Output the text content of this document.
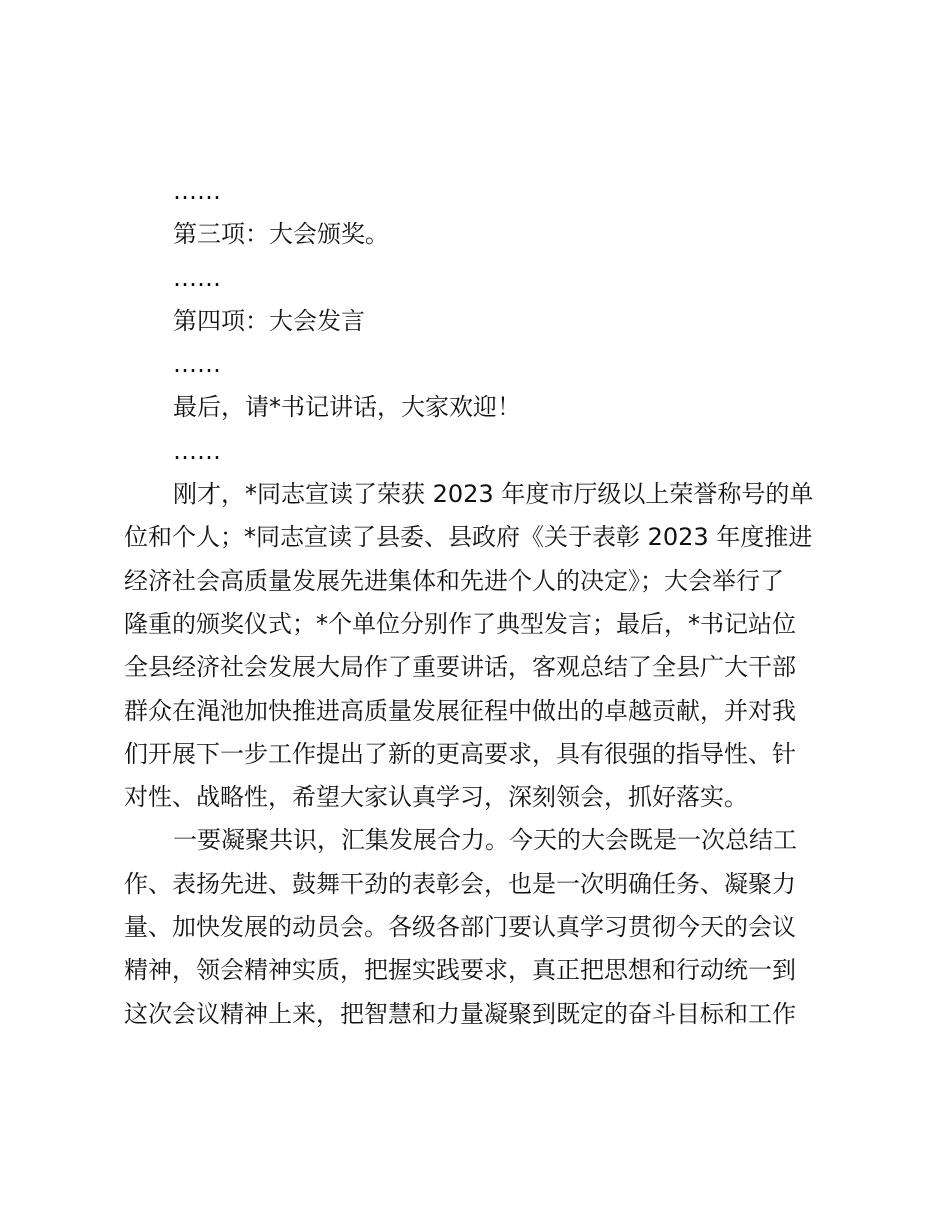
……
第三项：大会颁奖。
……
第四项：大会发言
……
最后，请*书记讲话，大家欢迎！
……
刚才，*同志宣读了荣获 2023 年度市厅级以上荣誉称号的单
位和个人；*同志宣读了县委、县政府《关于表彰 2023 年度推进
经济社会高质量发展先进集体和先进个人的决定》；大会举行了
隆重的颁奖仪式；*个单位分别作了典型发言；最后，*书记站位
全县经济社会发展大局作了重要讲话，客观总结了全县广大干部
群众在渑池加快推进高质量发展征程中做出的卓越贡献，并对我
们开展下一步工作提出了新的更高要求，具有很强的指导性、针
对性、战略性，希望大家认真学习，深刻领会，抓好落实。
一要凝聚共识，汇集发展合力。今天的大会既是一次总结工
作、表扬先进、鼓舞干劲的表彰会，也是一次明确任务、凝聚力
量、加快发展的动员会。各级各部门要认真学习贯彻今天的会议
精神，领会精神实质，把握实践要求，真正把思想和行动统一到
这次会议精神上来，把智慧和力量凝聚到既定的奋斗目标和工作
